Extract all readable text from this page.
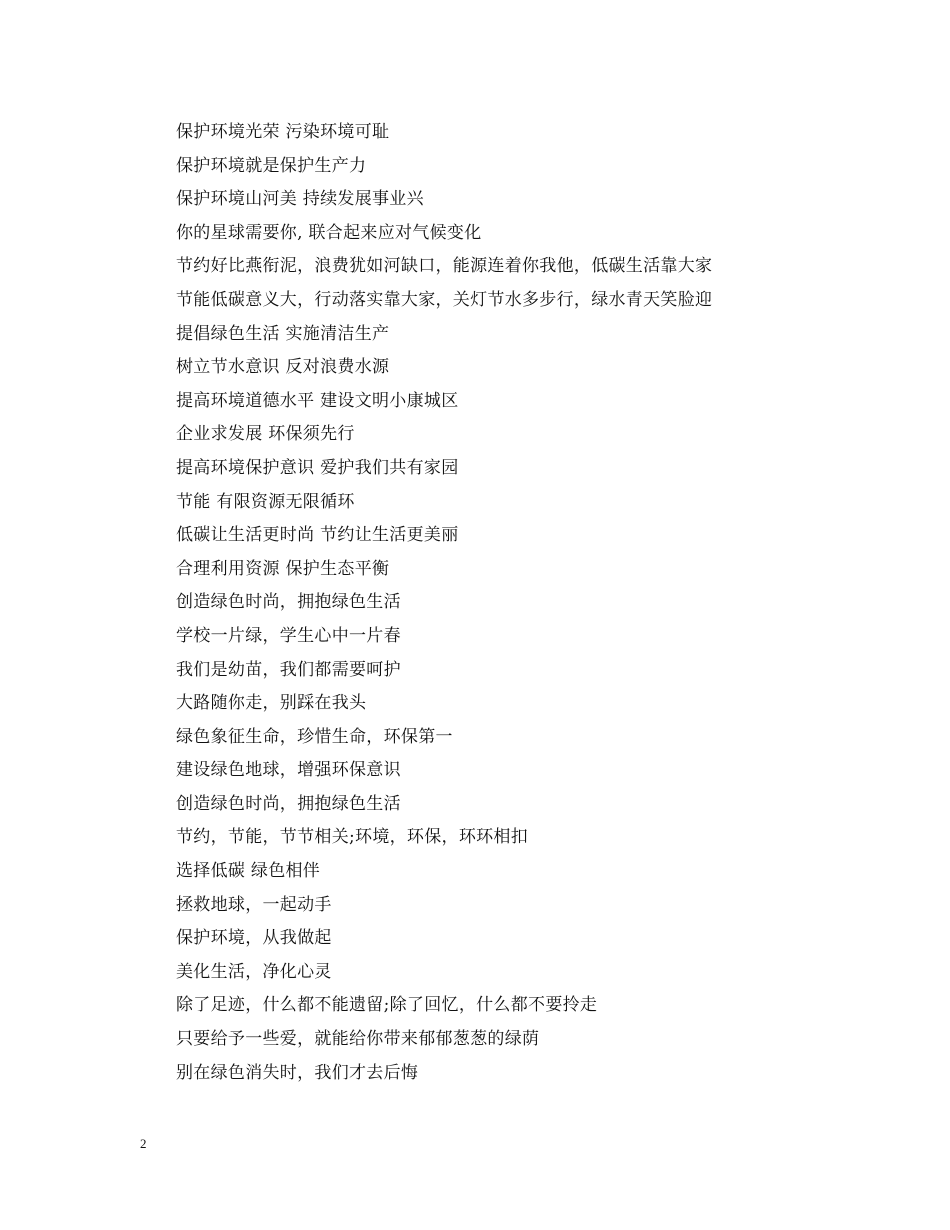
保护环境光荣 污染环境可耻
保护环境就是保护生产力
保护环境山河美 持续发展事业兴
你的星球需要你, 联合起来应对气候变化
节约好比燕衔泥，浪费犹如河缺口，能源连着你我他，低碳生活靠大家
节能低碳意义大，行动落实靠大家，关灯节水多步行，绿水青天笑脸迎
提倡绿色生活 实施清洁生产
树立节水意识 反对浪费水源
提高环境道德水平 建设文明小康城区
企业求发展 环保须先行
提高环境保护意识 爱护我们共有家园
节能 有限资源无限循环
低碳让生活更时尚 节约让生活更美丽
合理利用资源 保护生态平衡
创造绿色时尚，拥抱绿色生活
学校一片绿，学生心中一片春
我们是幼苗，我们都需要呵护
大路随你走，别踩在我头
绿色象征生命，珍惜生命，环保第一
建设绿色地球，增强环保意识
创造绿色时尚，拥抱绿色生活
节约，节能，节节相关;环境，环保，环环相扣
选择低碳 绿色相伴
拯救地球，一起动手
保护环境，从我做起
美化生活，净化心灵
除了足迹，什么都不能遗留;除了回忆，什么都不要拎走
只要给予一些爱，就能给你带来郁郁葱葱的绿荫
别在绿色消失时，我们才去后悔
2
